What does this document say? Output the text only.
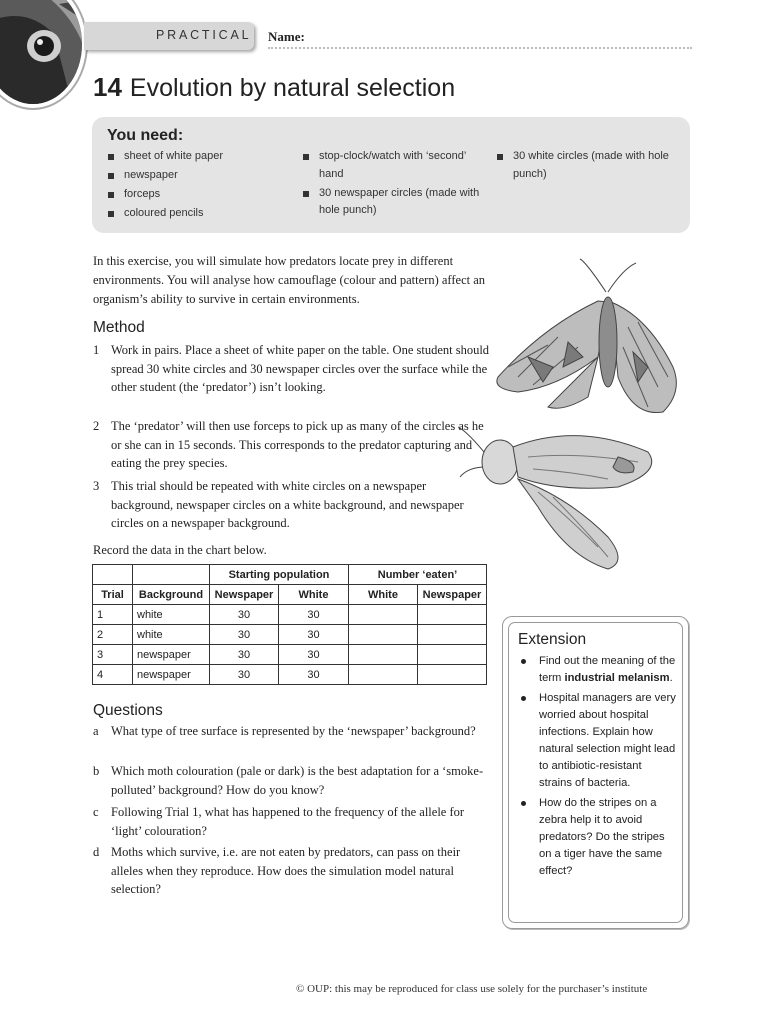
PRACTICAL Name:
14 Evolution by natural selection
You need:
sheet of white paper
newspaper
forceps
coloured pencils
stop-clock/watch with ‘second’ hand
30 newspaper circles (made with hole punch)
30 white circles (made with hole punch)

In this exercise, you will simulate how predators locate prey in different environments. You will analyse how camouflage (colour and pattern) affect an organism’s ability to survive in certain environments.

Method
1 Work in pairs. Place a sheet of white paper on the table. One student should spread 30 white circles and 30 newspaper circles over the surface while the other student (the ‘predator’) isn’t looking.
2 The ‘predator’ will then use forceps to pick up as many of the circles as he or she can in 15 seconds. This corresponds to the predator capturing and eating the prey species.
3 This trial should be repeated with white circles on a newspaper background, newspaper circles on a white background, and newspaper circles on a newspaper background.

Record the data in the chart below.

		Starting population		Number ‘eaten’	
Trial	Background	Newspaper	White	White	Newspaper
1	white	30	30		
2	white	30	30		
3	newspaper	30	30		
4	newspaper	30	30		
Questions
a What type of tree surface is represented by the ‘newspaper’ background?
b Which moth colouration (pale or dark) is the best adaptation for a ‘smoke-polluted’ background? How do you know?
c Following Trial 1, what has happened to the frequency of the allele for ‘light’ colouration?
d Moths which survive, i.e. are not eaten by predators, can pass on their alleles when they reproduce. How does the simulation model natural selection?
Extension
Find out the meaning of the term industrial melanism.
Hospital managers are very worried about hospital infections. Explain how natural selection might lead to antibiotic-resistant strains of bacteria.
How do the stripes on a zebra help it to avoid predators? Do the stripes on a tiger have the same effect?
© OUP: this may be reproduced for class use solely for the purchaser’s institute
